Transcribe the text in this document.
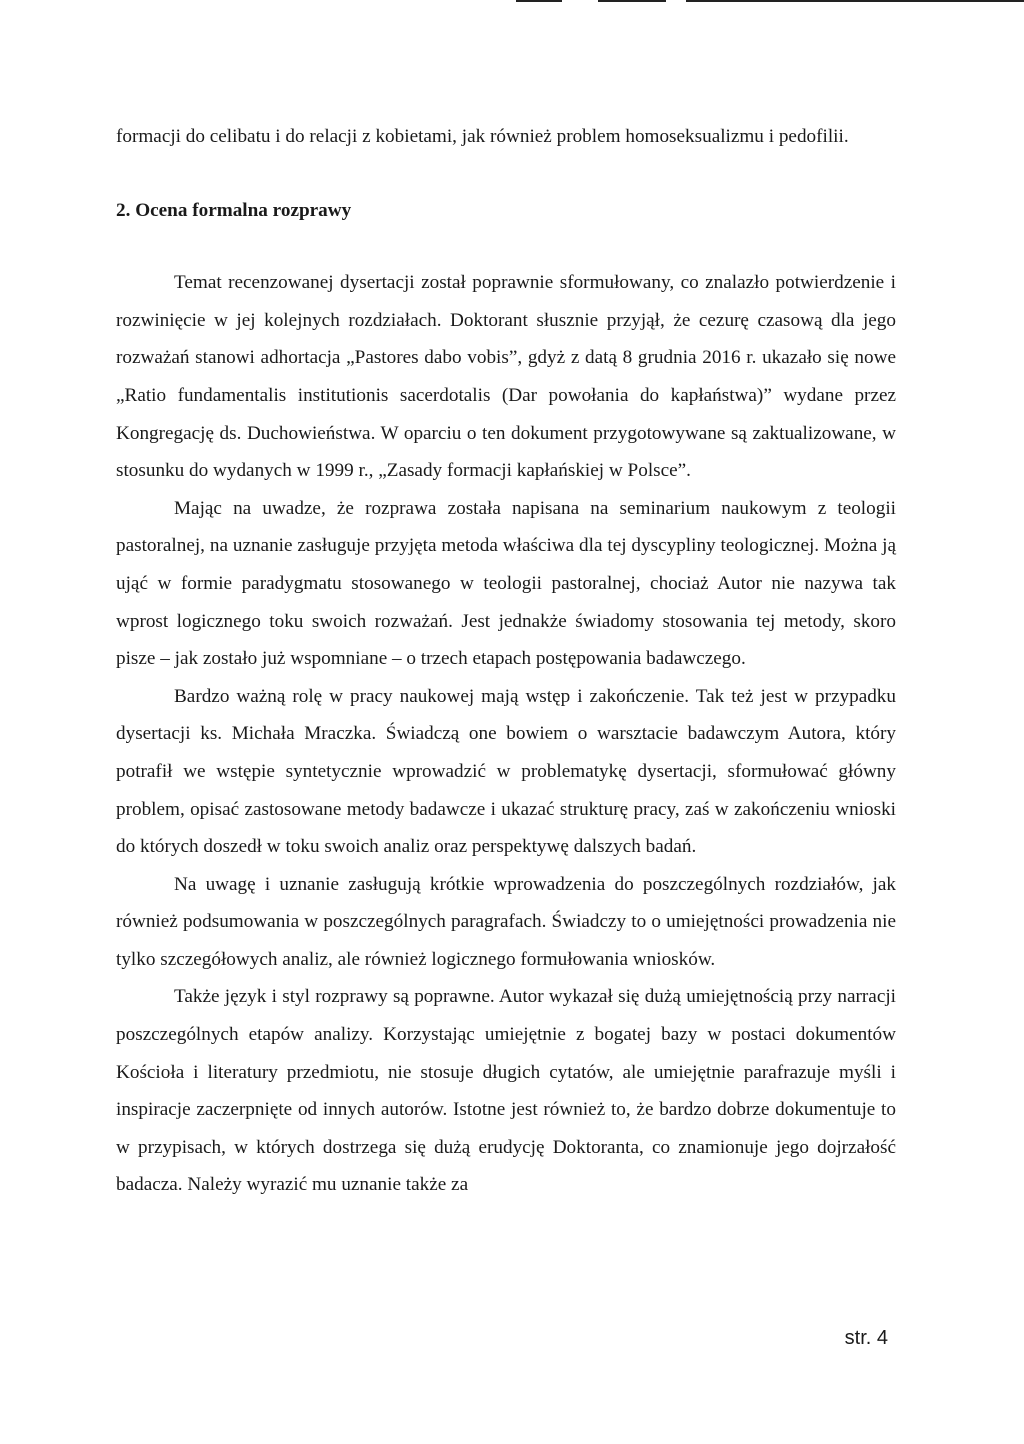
formacji do celibatu i do relacji z kobietami, jak również problem homoseksualizmu i pedofilii.

2. Ocena formalna rozprawy

Temat recenzowanej dysertacji został poprawnie sformułowany, co znalazło potwierdzenie i rozwinięcie w jej kolejnych rozdziałach. Doktorant słusznie przyjął, że cezurę czasową dla jego rozważań stanowi adhortacja „Pastores dabo vobis”, gdyż z datą 8 grudnia 2016 r. ukazało się nowe „Ratio fundamentalis institutionis sacerdotalis (Dar powołania do kapłaństwa)” wydane przez Kongregację ds. Duchowieństwa. W oparciu o ten dokument przygotowywane są zaktualizowane, w stosunku do wydanych w 1999 r., „Zasady formacji kapłańskiej w Polsce”.

Mając na uwadze, że rozprawa została napisana na seminarium naukowym z teologii pastoralnej, na uznanie zasługuje przyjęta metoda właściwa dla tej dyscypliny teologicznej. Można ją ująć w formie paradygmatu stosowanego w teologii pastoralnej, chociaż Autor nie nazywa tak wprost logicznego toku swoich rozważań. Jest jednakże świadomy stosowania tej metody, skoro pisze – jak zostało już wspomniane – o trzech etapach postępowania badawczego.

Bardzo ważną rolę w pracy naukowej mają wstęp i zakończenie. Tak też jest w przypadku dysertacji ks. Michała Mraczka. Świadczą one bowiem o warsztacie badawczym Autora, który potrafił we wstępie syntetycznie wprowadzić w problematykę dysertacji, sformułować główny problem, opisać zastosowane metody badawcze i ukazać strukturę pracy, zaś w zakończeniu wnioski do których doszedł w toku swoich analiz oraz perspektywę dalszych badań.

Na uwagę i uznanie zasługują krótkie wprowadzenia do poszczególnych rozdziałów, jak również podsumowania w poszczególnych paragrafach. Świadczy to o umiejętności prowadzenia nie tylko szczegółowych analiz, ale również logicznego formułowania wniosków.

Także język i styl rozprawy są poprawne. Autor wykazał się dużą umiejętnością przy narracji poszczególnych etapów analizy. Korzystając umiejętnie z bogatej bazy w postaci dokumentów Kościoła i literatury przedmiotu, nie stosuje długich cytatów, ale umiejętnie parafrazuje myśli i inspiracje zaczerpnięte od innych autorów. Istotne jest również to, że bardzo dobrze dokumentuje to w przypisach, w których dostrzega się dużą erudycję Doktoranta, co znamionuje jego dojrzałość badacza. Należy wyrazić mu uznanie także za

str. 4
